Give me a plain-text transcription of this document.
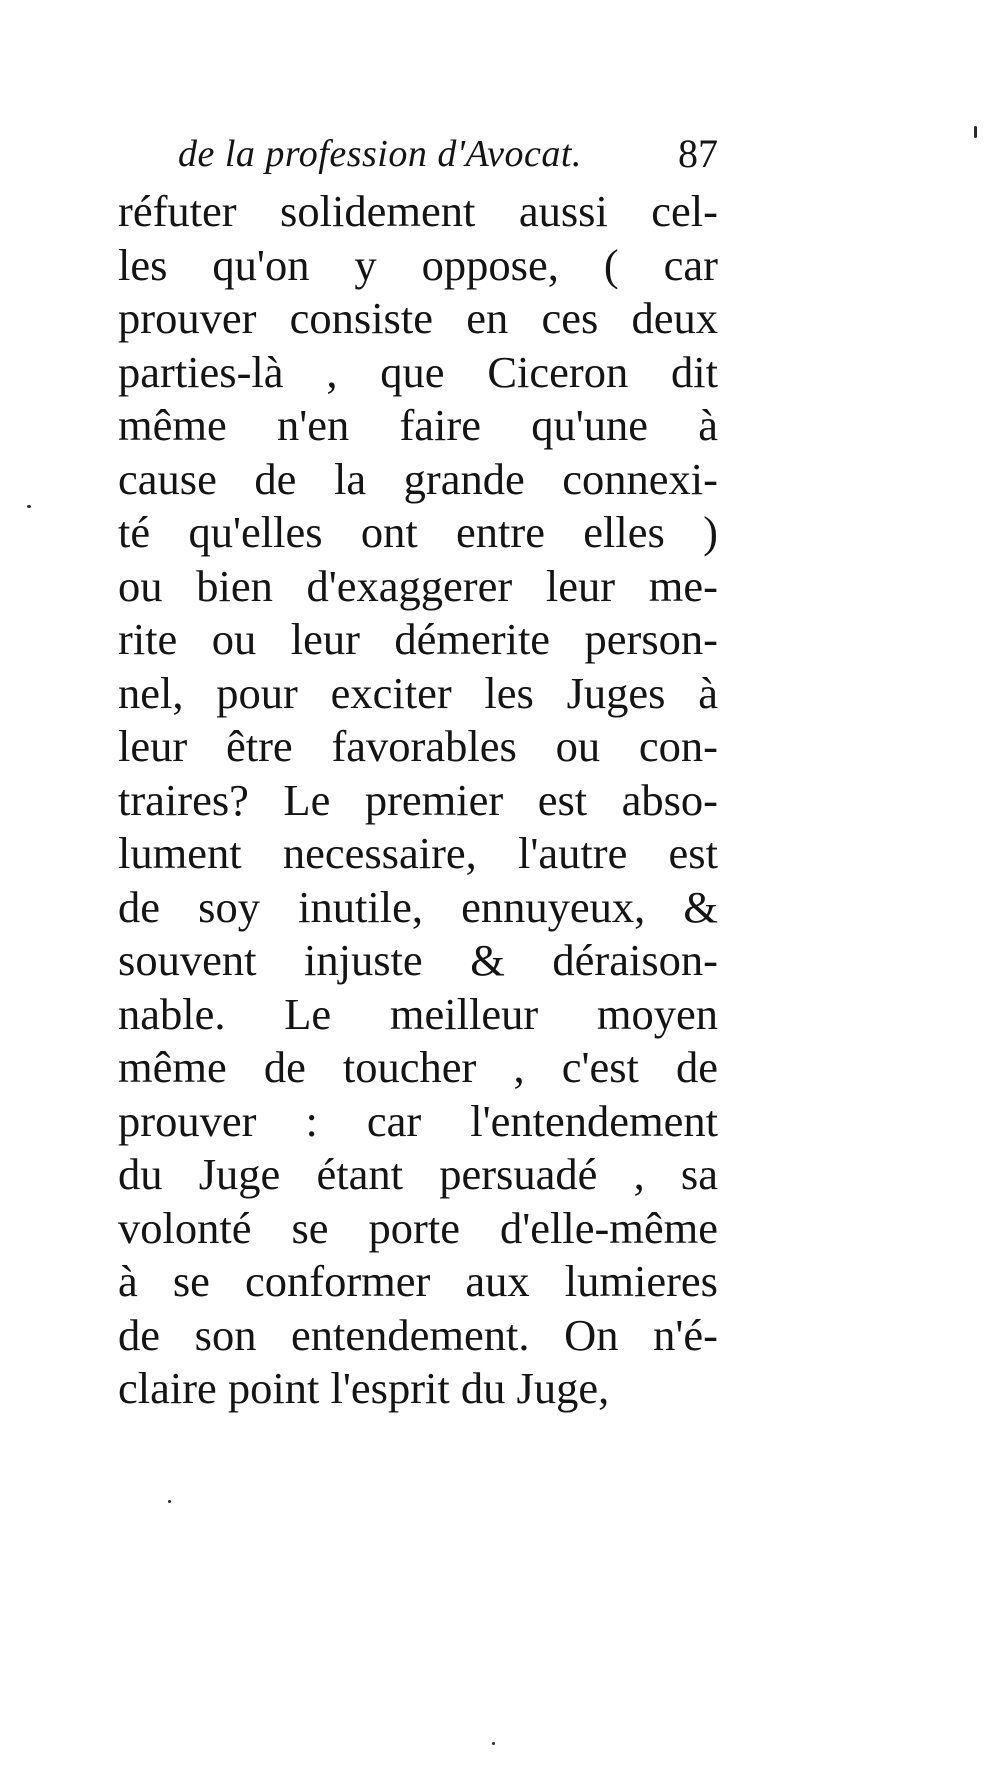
de la profession d'Avocat. 87
réfuter solidement aussi cel-
les qu'on y oppose, ( car
prouver consiste en ces deux
parties-là , que Ciceron dit
même n'en faire qu'une à
cause de la grande connexi-
té qu'elles ont entre elles )
ou bien d'exaggerer leur me-
rite ou leur démerite person-
nel, pour exciter les Juges à
leur être favorables ou con-
traires? Le premier est abso-
lument necessaire, l'autre est
de soy inutile, ennuyeux, &
souvent injuste & déraison-
nable. Le meilleur moyen
même de toucher , c'est de
prouver : car l'entendement
du Juge étant persuadé , sa
volonté se porte d'elle-même
à se conformer aux lumieres
de son entendement. On n'é-
claire point l'esprit du Juge,
